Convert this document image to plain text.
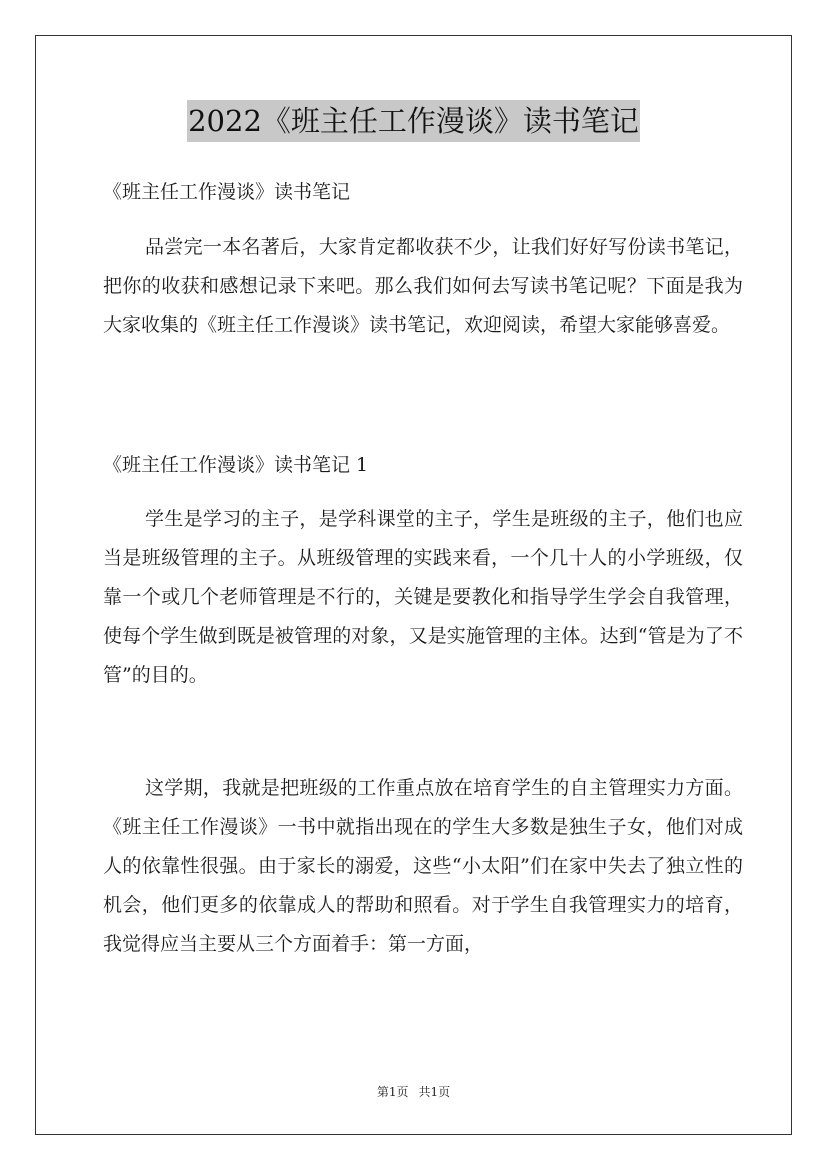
2022《班主任工作漫谈》读书笔记
《班主任工作漫谈》读书笔记

品尝完一本名著后，大家肯定都收获不少，让我们好好写份读书笔记，把你的收获和感想记录下来吧。那么我们如何去写读书笔记呢？下面是我为大家收集的《班主任工作漫谈》读书笔记，欢迎阅读，希望大家能够喜爱。

《班主任工作漫谈》读书笔记 1

学生是学习的主子，是学科课堂的主子，学生是班级的主子，他们也应当是班级管理的主子。从班级管理的实践来看，一个几十人的小学班级，仅靠一个或几个老师管理是不行的，关键是要教化和指导学生学会自我管理，使每个学生做到既是被管理的对象，又是实施管理的主体。达到“管是为了不管”的目的。

这学期，我就是把班级的工作重点放在培育学生的自主管理实力方面。《班主任工作漫谈》一书中就指出现在的学生大多数是独生子女，他们对成人的依靠性很强。由于家长的溺爱，这些“小太阳”们在家中失去了独立性的机会，他们更多的依靠成人的帮助和照看。对于学生自我管理实力的培育，我觉得应当主要从三个方面着手：第一方面，

第1页 共1页
